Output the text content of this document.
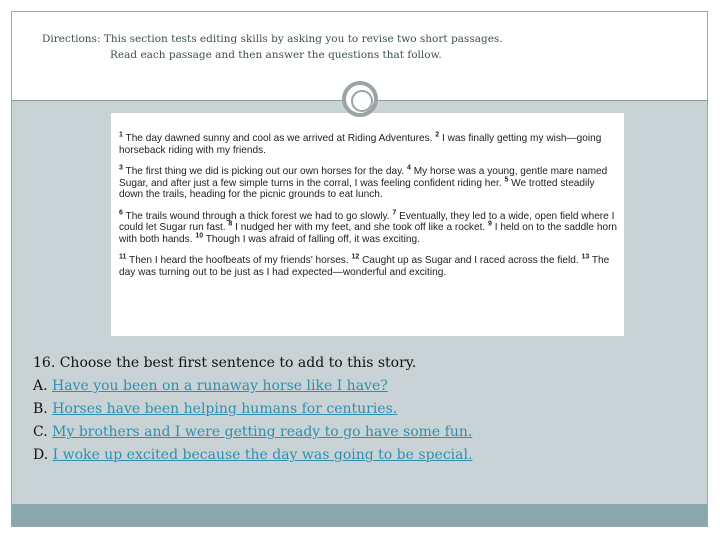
Directions: This section tests editing skills by asking you to revise two short passages.
Read each passage and then answer the questions that follow.

$^1$ The day dawned sunny and cool as we arrived at Riding Adventures. $^2$ I was finally getting my wish—going horseback riding with my friends.

$^3$ The first thing we did is picking out our own horses for the day. $^4$ My horse was a young, gentle mare named Sugar, and after just a few simple turns in the corral, I was feeling confident riding her. $^5$ We trotted steadily down the trails, heading for the picnic grounds to eat lunch.

$^6$ The trails wound through a thick forest we had to go slowly. $^7$ Eventually, they led to a wide, open field where I could let Sugar run fast. $^8$ I nudged her with my feet, and she took off like a rocket. $^9$ I held on to the saddle horn with both hands. $^{10}$ Though I was afraid of falling off, it was exciting.

$^{11}$ Then I heard the hoofbeats of my friends' horses. $^{12}$ Caught up as Sugar and I raced across the field. $^{13}$ The day was turning out to be just as I had expected—wonderful and exciting.

16. Choose the best first sentence to add to this story.
A. Have you been on a runaway horse like I have?
B. Horses have been helping humans for centuries.
C. My brothers and I were getting ready to go have some fun.
D. I woke up excited because the day was going to be special.
